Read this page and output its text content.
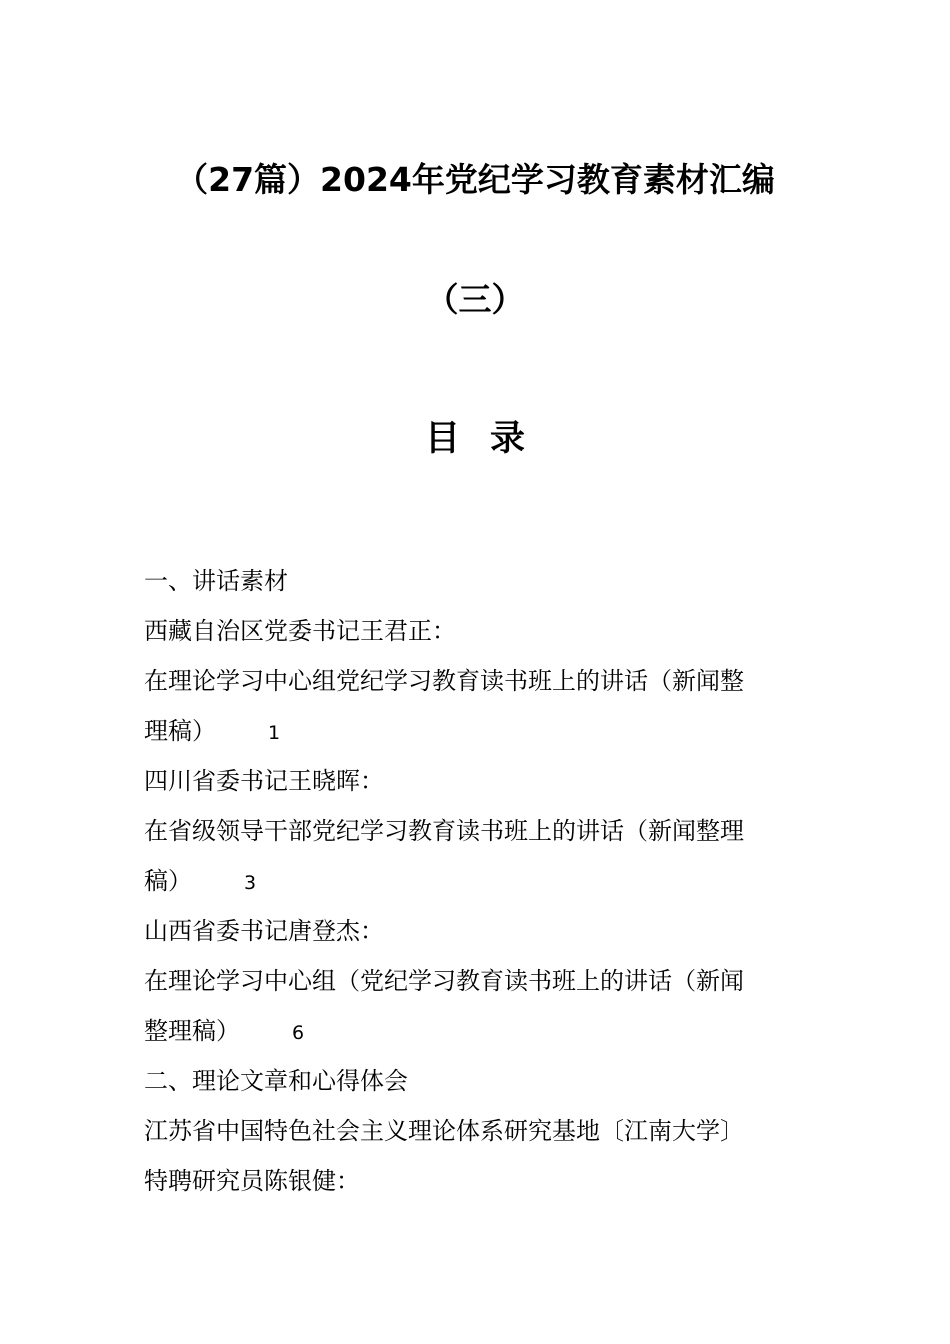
（27篇）2024年党纪学习教育素材汇编
（三）
目录
一、讲话素材
西藏自治区党委书记王君正：
在理论学习中心组党纪学习教育读书班上的讲话（新闻整
理稿）	1
四川省委书记王晓晖：
在省级领导干部党纪学习教育读书班上的讲话（新闻整理
稿）	3
山西省委书记唐登杰：
在理论学习中心组（党纪学习教育读书班上的讲话（新闻
整理稿）	6
二、理论文章和心得体会
江苏省中国特色社会主义理论体系研究基地〔江南大学〕
特聘研究员陈银健：
